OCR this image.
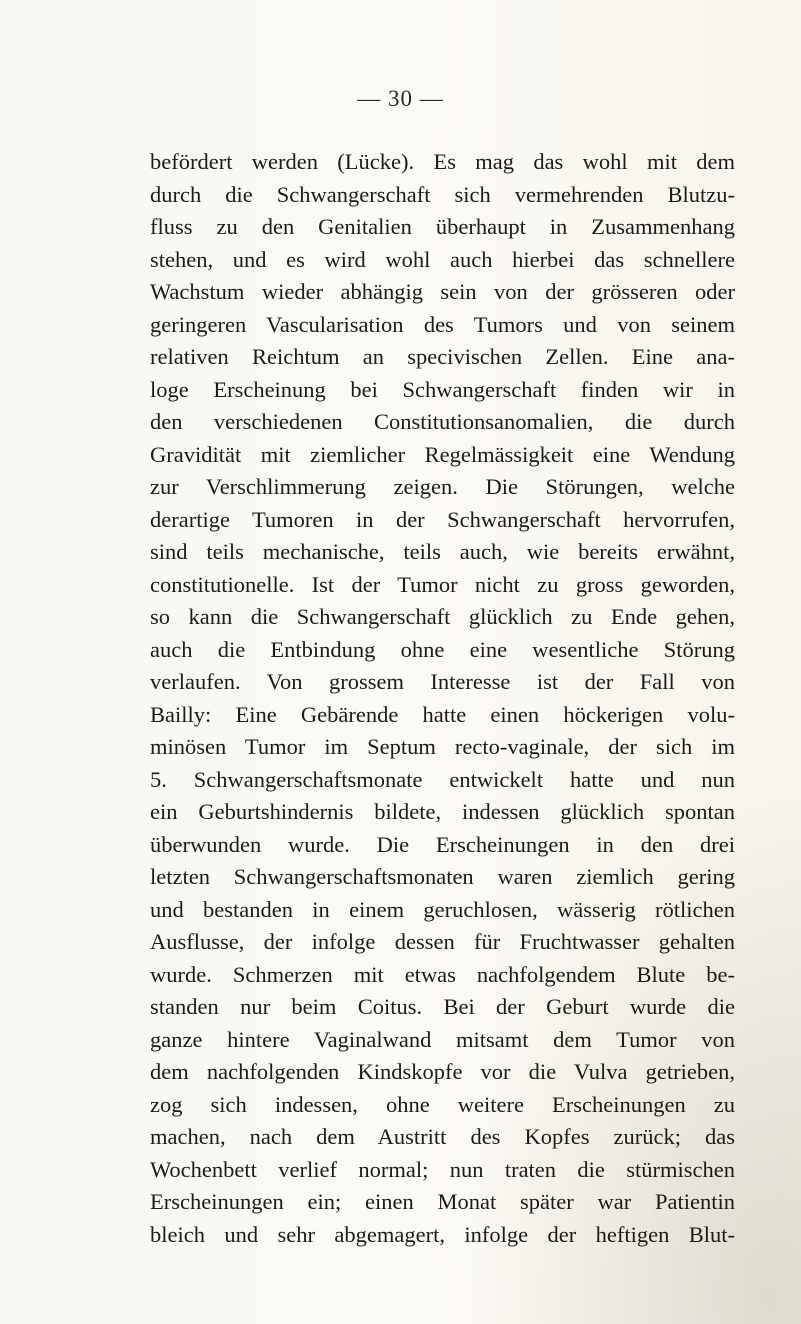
— 30 —
befördert werden (Lücke). Es mag das wohl mit dem
durch die Schwangerschaft sich vermehrenden Blutzu-
fluss zu den Genitalien überhaupt in Zusammenhang
stehen, und es wird wohl auch hierbei das schnellere
Wachstum wieder abhängig sein von der grösseren oder
geringeren Vascularisation des Tumors und von seinem
relativen Reichtum an specivischen Zellen. Eine ana-
loge Erscheinung bei Schwangerschaft finden wir in
den verschiedenen Constitutionsanomalien, die durch
Gravidität mit ziemlicher Regelmässigkeit eine Wendung
zur Verschlimmerung zeigen. Die Störungen, welche
derartige Tumoren in der Schwangerschaft hervorrufen,
sind teils mechanische, teils auch, wie bereits erwähnt,
constitutionelle. Ist der Tumor nicht zu gross geworden,
so kann die Schwangerschaft glücklich zu Ende gehen,
auch die Entbindung ohne eine wesentliche Störung
verlaufen. Von grossem Interesse ist der Fall von
Bailly: Eine Gebärende hatte einen höckerigen volu-
minösen Tumor im Septum recto-vaginale, der sich im
5. Schwangerschaftsmonate entwickelt hatte und nun
ein Geburtshindernis bildete, indessen glücklich spontan
überwunden wurde. Die Erscheinungen in den drei
letzten Schwangerschaftsmonaten waren ziemlich gering
und bestanden in einem geruchlosen, wässerig rötlichen
Ausflusse, der infolge dessen für Fruchtwasser gehalten
wurde. Schmerzen mit etwas nachfolgendem Blute be-
standen nur beim Coitus. Bei der Geburt wurde die
ganze hintere Vaginalwand mitsamt dem Tumor von
dem nachfolgenden Kindskopfe vor die Vulva getrieben,
zog sich indessen, ohne weitere Erscheinungen zu
machen, nach dem Austritt des Kopfes zurück; das
Wochenbett verlief normal; nun traten die stürmischen
Erscheinungen ein; einen Monat später war Patientin
bleich und sehr abgemagert, infolge der heftigen Blut-
